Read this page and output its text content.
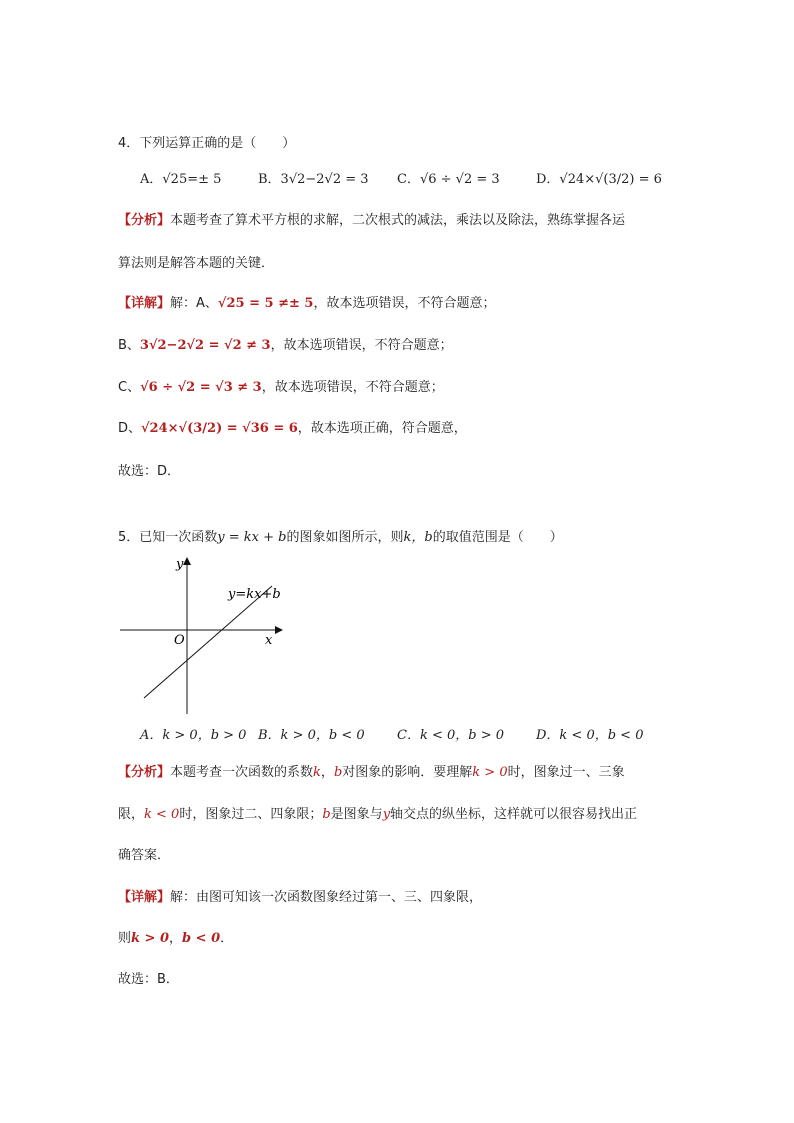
4．下列运算正确的是（　　）
A．√25=± 5	B．3√2−2√2 = 3 C．√6 ÷ √2 = 3	D．√24×√(3/2) = 6
【分析】本题考查了算术平方根的求解，二次根式的减法，乘法以及除法，熟练掌握各运
算法则是解答本题的关键．
【详解】解：A、√25 = 5 ≠± 5，故本选项错误，不符合题意；
B、3√2−2√2 = √2 ≠ 3，故本选项错误，不符合题意；
C、√6 ÷ √2 = √3 ≠ 3，故本选项错误，不符合题意；
D、√24×√(3/2) = √36 = 6，故本选项正确，符合题意，
故选：D．
5．已知一次函数y = kx + b的图象如图所示，则k，b的取值范围是（　　）
y
x
O
y=kx+b
A．k > 0，b > 0 B．k > 0，b < 0 C．k < 0，b > 0 D．k < 0，b < 0
【分析】本题考查一次函数的系数k，b对图象的影响．要理解k > 0时，图象过一、三象
限，k < 0时，图象过二、四象限；b是图象与y轴交点的纵坐标，这样就可以很容易找出正
确答案．
【详解】解：由图可知该一次函数图象经过第一、三、四象限，
则k > 0，b < 0．
故选：B．
